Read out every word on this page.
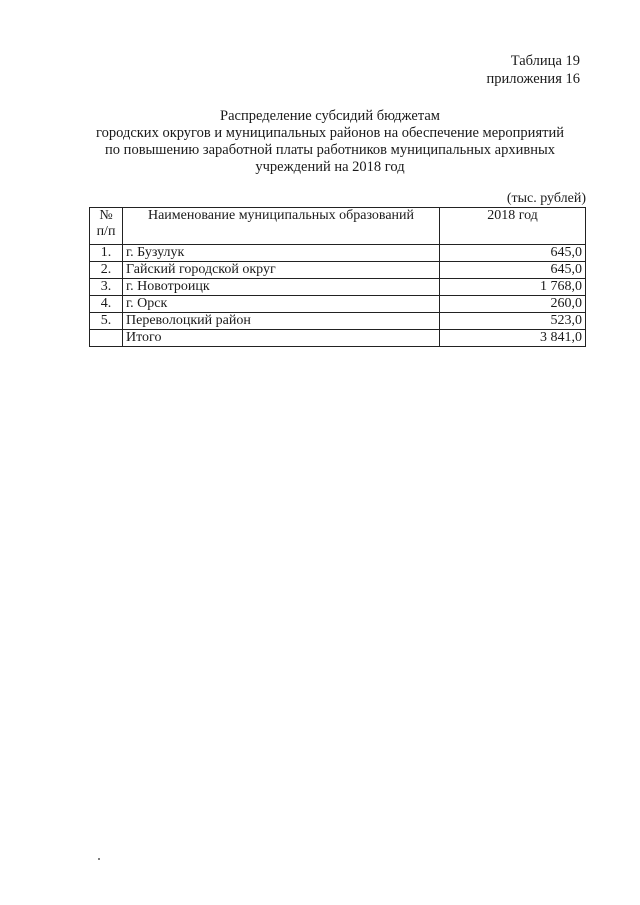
Таблица 19
приложения 16
Распределение субсидий бюджетам
городских округов и муниципальных районов на обеспечение мероприятий
по повышению заработной платы работников муниципальных архивных
учреждений на 2018 год
(тыс. рублей)
№
п/п	Наименование муниципальных образований	2018 год
1.	г. Бузулук	645,0
2.	Гайский городской округ	645,0
3.	г. Новотроицк	1 768,0
4.	г. Орск	260,0
5.	Переволоцкий район	523,0
	Итого	3 841,0
